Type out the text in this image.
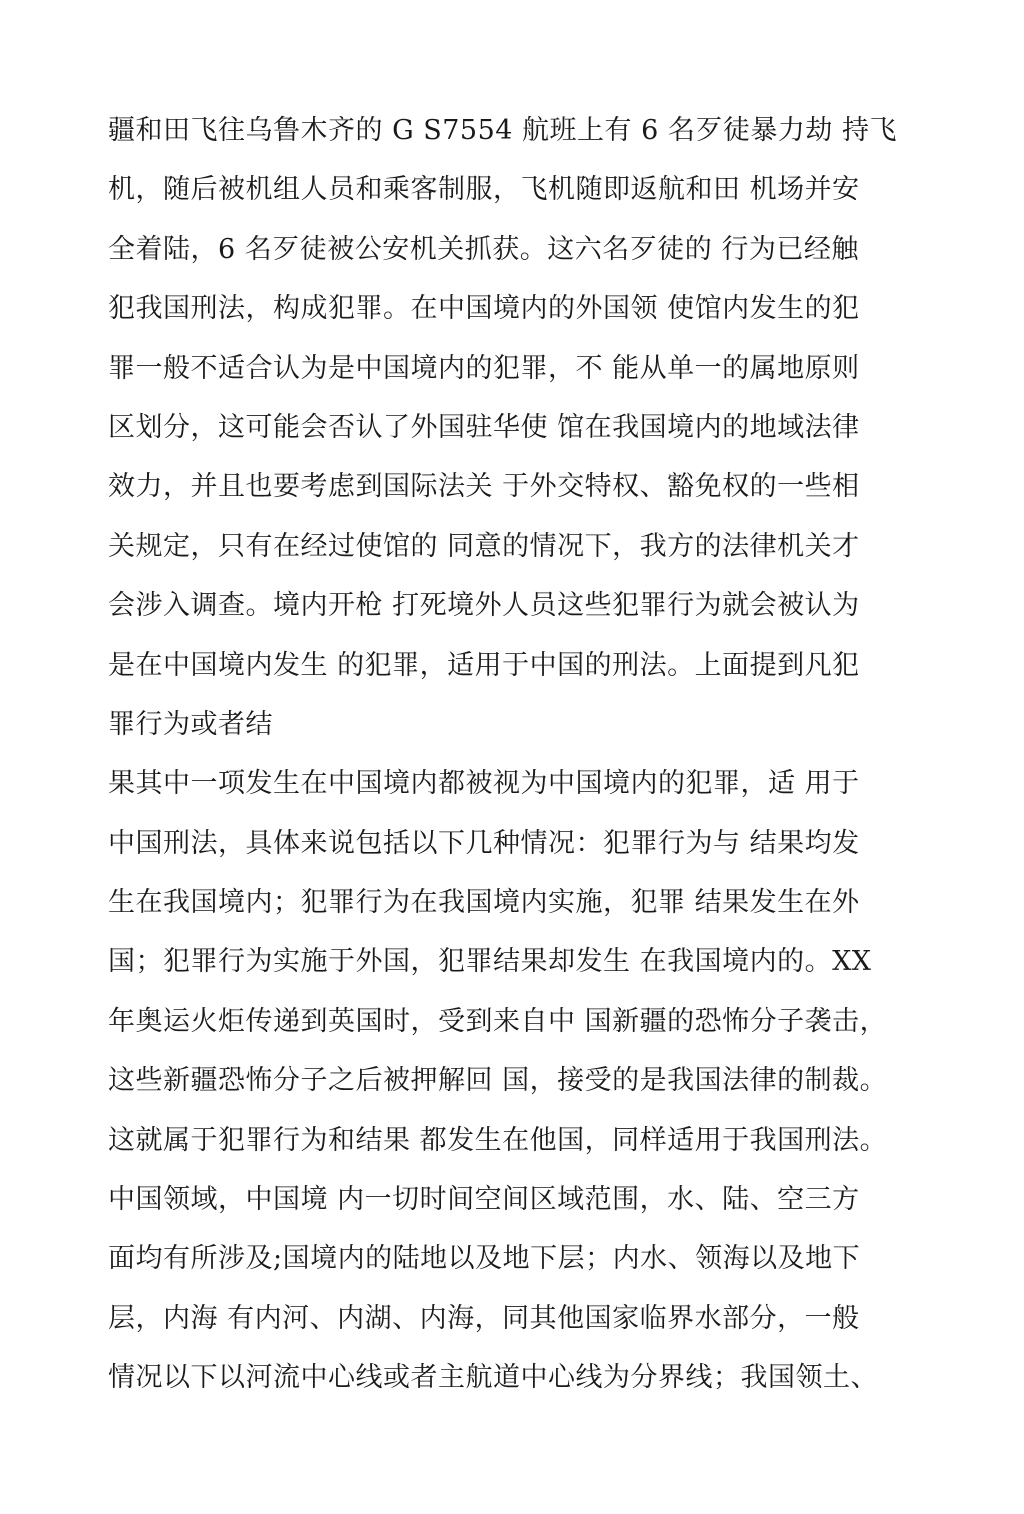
疆和田飞往乌鲁木齐的 G S7554 航班上有 6 名歹徒暴力劫 持飞
机，随后被机组人员和乘客制服，飞机随即返航和田 机场并安
全着陆，6 名歹徒被公安机关抓获。这六名歹徒的 行为已经触
犯我国刑法，构成犯罪。在中国境内的外国领 使馆内发生的犯
罪一般不适合认为是中国境内的犯罪，不 能从单一的属地原则
区划分，这可能会否认了外国驻华使 馆在我国境内的地域法律
效力，并且也要考虑到国际法关 于外交特权、豁免权的一些相
关规定，只有在经过使馆的 同意的情况下，我方的法律机关才
会涉入调查。境内开枪 打死境外人员这些犯罪行为就会被认为
是在中国境内发生 的犯罪，适用于中国的刑法。上面提到凡犯
罪行为或者结
果其中一项发生在中国境内都被视为中国境内的犯罪，适 用于
中国刑法，具体来说包括以下几种情况：犯罪行为与 结果均发
生在我国境内；犯罪行为在我国境内实施，犯罪 结果发生在外
国；犯罪行为实施于外国，犯罪结果却发生 在我国境内的。XX
年奥运火炬传递到英国时，受到来自中 国新疆的恐怖分子袭击，
这些新疆恐怖分子之后被押解回 国，接受的是我国法律的制裁。
这就属于犯罪行为和结果 都发生在他国，同样适用于我国刑法。
中国领域，中国境 内一切时间空间区域范围，水、陆、空三方
面均有所涉及;国境内的陆地以及地下层；内水、领海以及地下
层，内海 有内河、内湖、内海，同其他国家临界水部分，一般
情况以下以河流中心线或者主航道中心线为分界线；我国领土、
